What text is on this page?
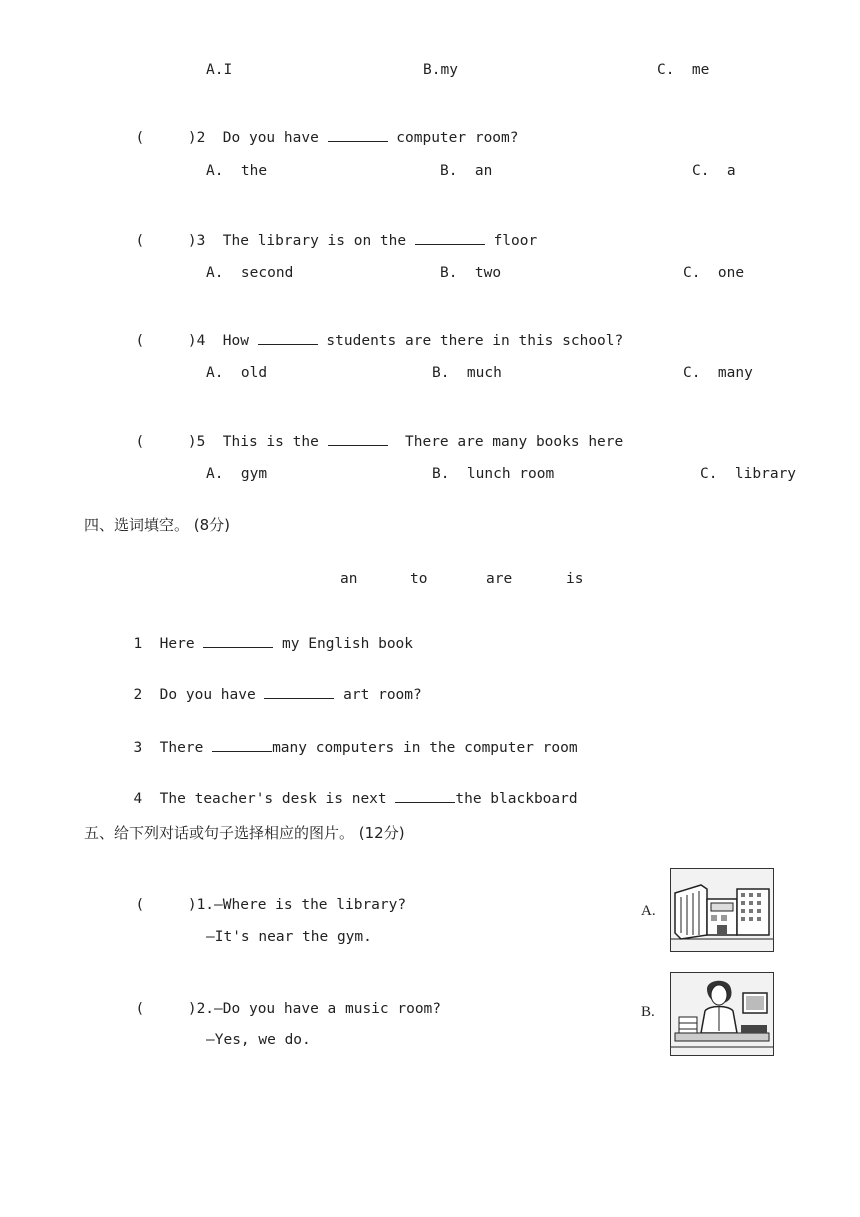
A.I	B.my	C.  me

(     )2 Do you have	computer room?

A.  the	B.  an	C.  a

(     )3 The library is on the	floor

A.  second	B.  two	C.  one

(     )4 How	students are there in this school?

A.  old	B.  much	C.  many

(     )5 This is the	There are many books here

A.  gym	B.  lunch room	C.  library
四、选词填空。 (8分)
an	to	are	is

1 Here	my English book

2 Do you have	art room?

3 There	many computers in the computer room

4 The teacher's desk is next	the blackboard

五、给下列对话或句子选择相应的图片。 (12分)

(     )1.—Where is the library?

—It's near the gym.

(     )2.—Do you have a music room?

—Yes, we do.
A.
B.
